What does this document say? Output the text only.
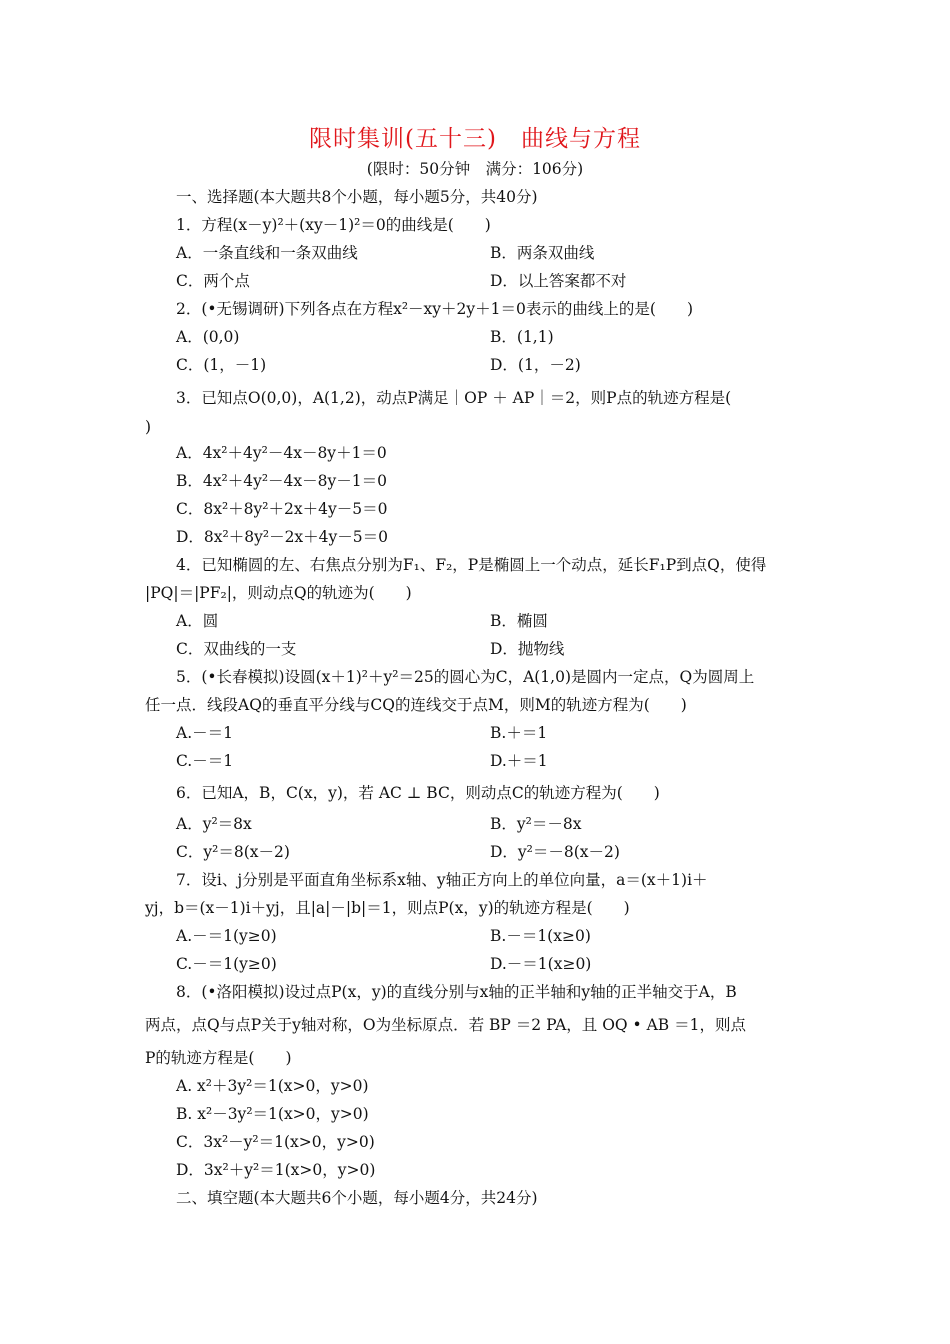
限时集训(五十三)　曲线与方程
(限时：50分钟　满分：106分)
一、选择题(本大题共8个小题，每小题5分，共40分)
1．方程(x－y)²＋(xy－1)²＝0的曲线是(　　)
A．一条直线和一条双曲线	B．两条双曲线
C．两个点	D．以上答案都不对
2．(•无锡调研)下列各点在方程x²－xy＋2y＋1＝0表示的曲线上的是(　　)
A．(0,0)	B．(1,1)
C．(1，－1)	D．(1，－2)
3．已知点O(0,0)，A(1,2)，动点P满足｜OP ＋ AP｜＝2，则P点的轨迹方程是(
)
A．4x²＋4y²－4x－8y＋1＝0
B．4x²＋4y²－4x－8y－1＝0
C．8x²＋8y²＋2x＋4y－5＝0
D．8x²＋8y²－2x＋4y－5＝0
4．已知椭圆的左、右焦点分别为F₁、F₂，P是椭圆上一个动点，延长F₁P到点Q，使得
|PQ|＝|PF₂|，则动点Q的轨迹为(　　)
A．圆	B．椭圆
C．双曲线的一支	D．抛物线
5．(•长春模拟)设圆(x＋1)²＋y²＝25的圆心为C，A(1,0)是圆内一定点，Q为圆周上
任一点．线段AQ的垂直平分线与CQ的连线交于点M，则M的轨迹方程为(　　)
A.－＝1	B.＋＝1
C.－＝1	D.＋＝1
6．已知A，B，C(x，y)，若 AC ⊥ BC，则动点C的轨迹方程为(　　)
A．y²＝8x	B．y²＝－8x
C．y²＝8(x－2)	D．y²＝－8(x－2)
7．设i、j分别是平面直角坐标系x轴、y轴正方向上的单位向量，a＝(x＋1)i＋
yj，b＝(x－1)i＋yj，且|a|－|b|＝1，则点P(x，y)的轨迹方程是(　　)
A.－＝1(y≥0)	B.－＝1(x≥0)
C.－＝1(y≥0)	D.－＝1(x≥0)
8．(•洛阳模拟)设过点P(x，y)的直线分别与x轴的正半轴和y轴的正半轴交于A，B
两点，点Q与点P关于y轴对称，O为坐标原点．若 BP ＝2 PA，且 OQ • AB ＝1，则点
P的轨迹方程是(　　)
A. x²＋3y²＝1(x>0，y>0)
B. x²－3y²＝1(x>0，y>0)
C．3x²－y²＝1(x>0，y>0)
D．3x²＋y²＝1(x>0，y>0)
二、填空题(本大题共6个小题，每小题4分，共24分)
